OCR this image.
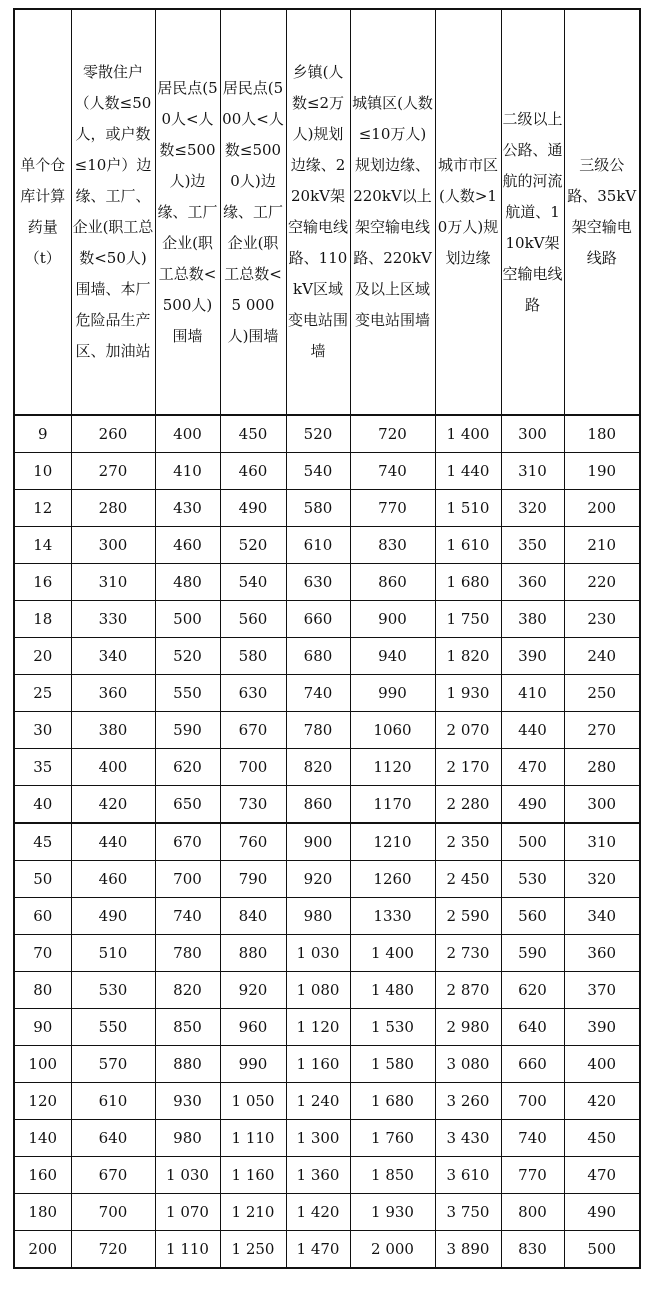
单个仓库计算药量（t）	零散住户（人数≤50人，或户数≤10户）边缘、工厂、企业(职工总数<50人)围墙、本厂危险品生产区、加油站	居民点(50人<人数≤500人)边缘、工厂企业(职工总数<500人)围墙	居民点(500人<人数≤5000人)边缘、工厂企业(职工总数<5 000人)围墙	乡镇(人数≤2万人)规划边缘、220kV架空输电线路、110kV区域变电站围墙	城镇区(人数≤10万人)规划边缘、220kV以上架空输电线路、220kV及以上区域变电站围墙	城市市区(人数>10万人)规划边缘	二级以上公路、通航的河流航道、110kV架空输电线路	三级公路、35kV架空输电线路
9	260	400	450	520	720	1 400	300	180
10	270	410	460	540	740	1 440	310	190
12	280	430	490	580	770	1 510	320	200
14	300	460	520	610	830	1 610	350	210
16	310	480	540	630	860	1 680	360	220
18	330	500	560	660	900	1 750	380	230
20	340	520	580	680	940	1 820	390	240
25	360	550	630	740	990	1 930	410	250
30	380	590	670	780	1060	2 070	440	270
35	400	620	700	820	1120	2 170	470	280
40	420	650	730	860	1170	2 280	490	300
45	440	670	760	900	1210	2 350	500	310
50	460	700	790	920	1260	2 450	530	320
60	490	740	840	980	1330	2 590	560	340
70	510	780	880	1 030	1 400	2 730	590	360
80	530	820	920	1 080	1 480	2 870	620	370
90	550	850	960	1 120	1 530	2 980	640	390
100	570	880	990	1 160	1 580	3 080	660	400
120	610	930	1 050	1 240	1 680	3 260	700	420
140	640	980	1 110	1 300	1 760	3 430	740	450
160	670	1 030	1 160	1 360	1 850	3 610	770	470
180	700	1 070	1 210	1 420	1 930	3 750	800	490
200	720	1 110	1 250	1 470	2 000	3 890	830	500
